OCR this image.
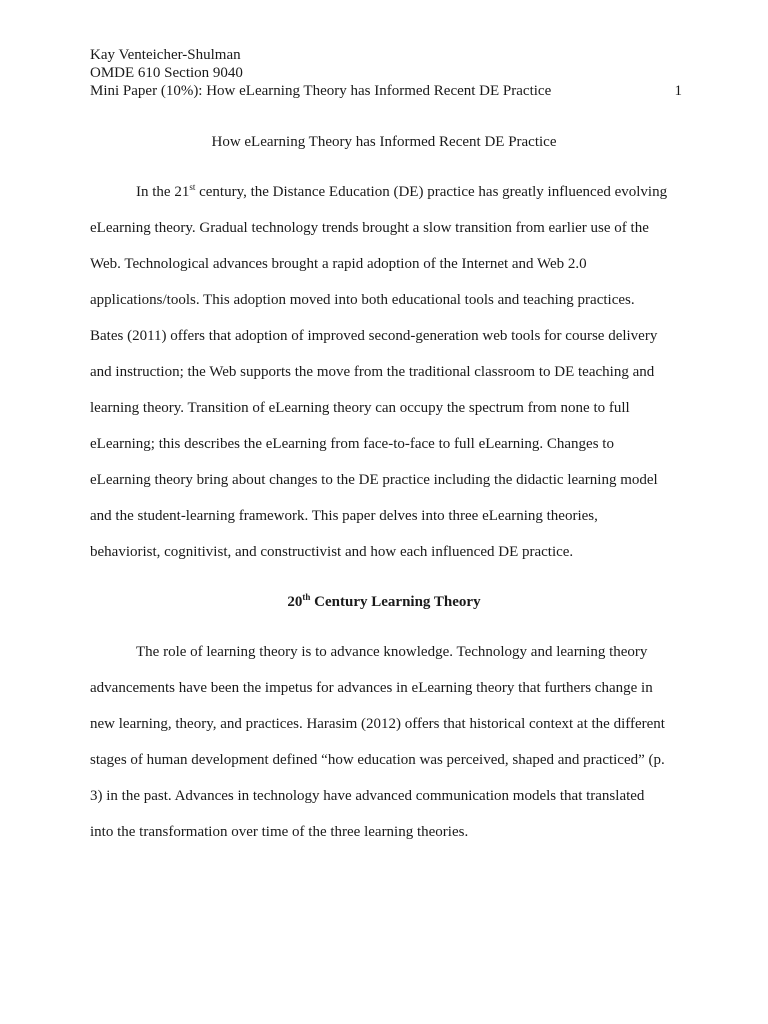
Kay Venteicher-Shulman
OMDE 610 Section 9040
Mini Paper (10%): How eLearning Theory has Informed Recent DE Practice	1
How eLearning Theory has Informed Recent DE Practice
In the 21st century, the Distance Education (DE) practice has greatly influenced evolving
eLearning theory. Gradual technology trends brought a slow transition from earlier use of the
Web. Technological advances brought a rapid adoption of the Internet and Web 2.0
applications/tools. This adoption moved into both educational tools and teaching practices.
Bates (2011) offers that adoption of improved second-generation web tools for course delivery
and instruction; the Web supports the move from the traditional classroom to DE teaching and
learning theory. Transition of eLearning theory can occupy the spectrum from none to full
eLearning; this describes the eLearning from face-to-face to full eLearning. Changes to
eLearning theory bring about changes to the DE practice including the didactic learning model
and the student-learning framework. This paper delves into three eLearning theories,
behaviorist, cognitivist, and constructivist and how each influenced DE practice.
20th Century Learning Theory
The role of learning theory is to advance knowledge. Technology and learning theory
advancements have been the impetus for advances in eLearning theory that furthers change in
new learning, theory, and practices. Harasim (2012) offers that historical context at the different
stages of human development defined “how education was perceived, shaped and practiced” (p.
3) in the past. Advances in technology have advanced communication models that translated
into the transformation over time of the three learning theories.
